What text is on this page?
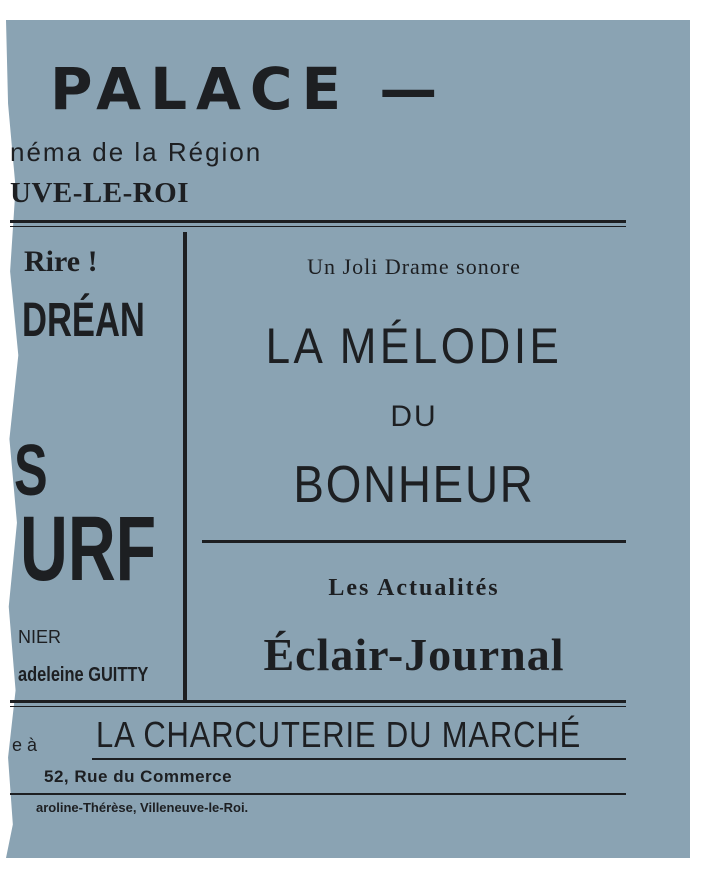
PALACE —
néma de la Région
UVE-LE-ROI
Rire !
DRÉAN
S
URF
NIER
adeleine GUITTY
Un Joli Drame sonore
LA MÉLODIE
DU
BONHEUR
Les Actualités
Éclair-Journal
e à LA CHARCUTERIE DU MARCHÉ
52, Rue du Commerce
aroline-Thérèse, Villeneuve-le-Roi.
